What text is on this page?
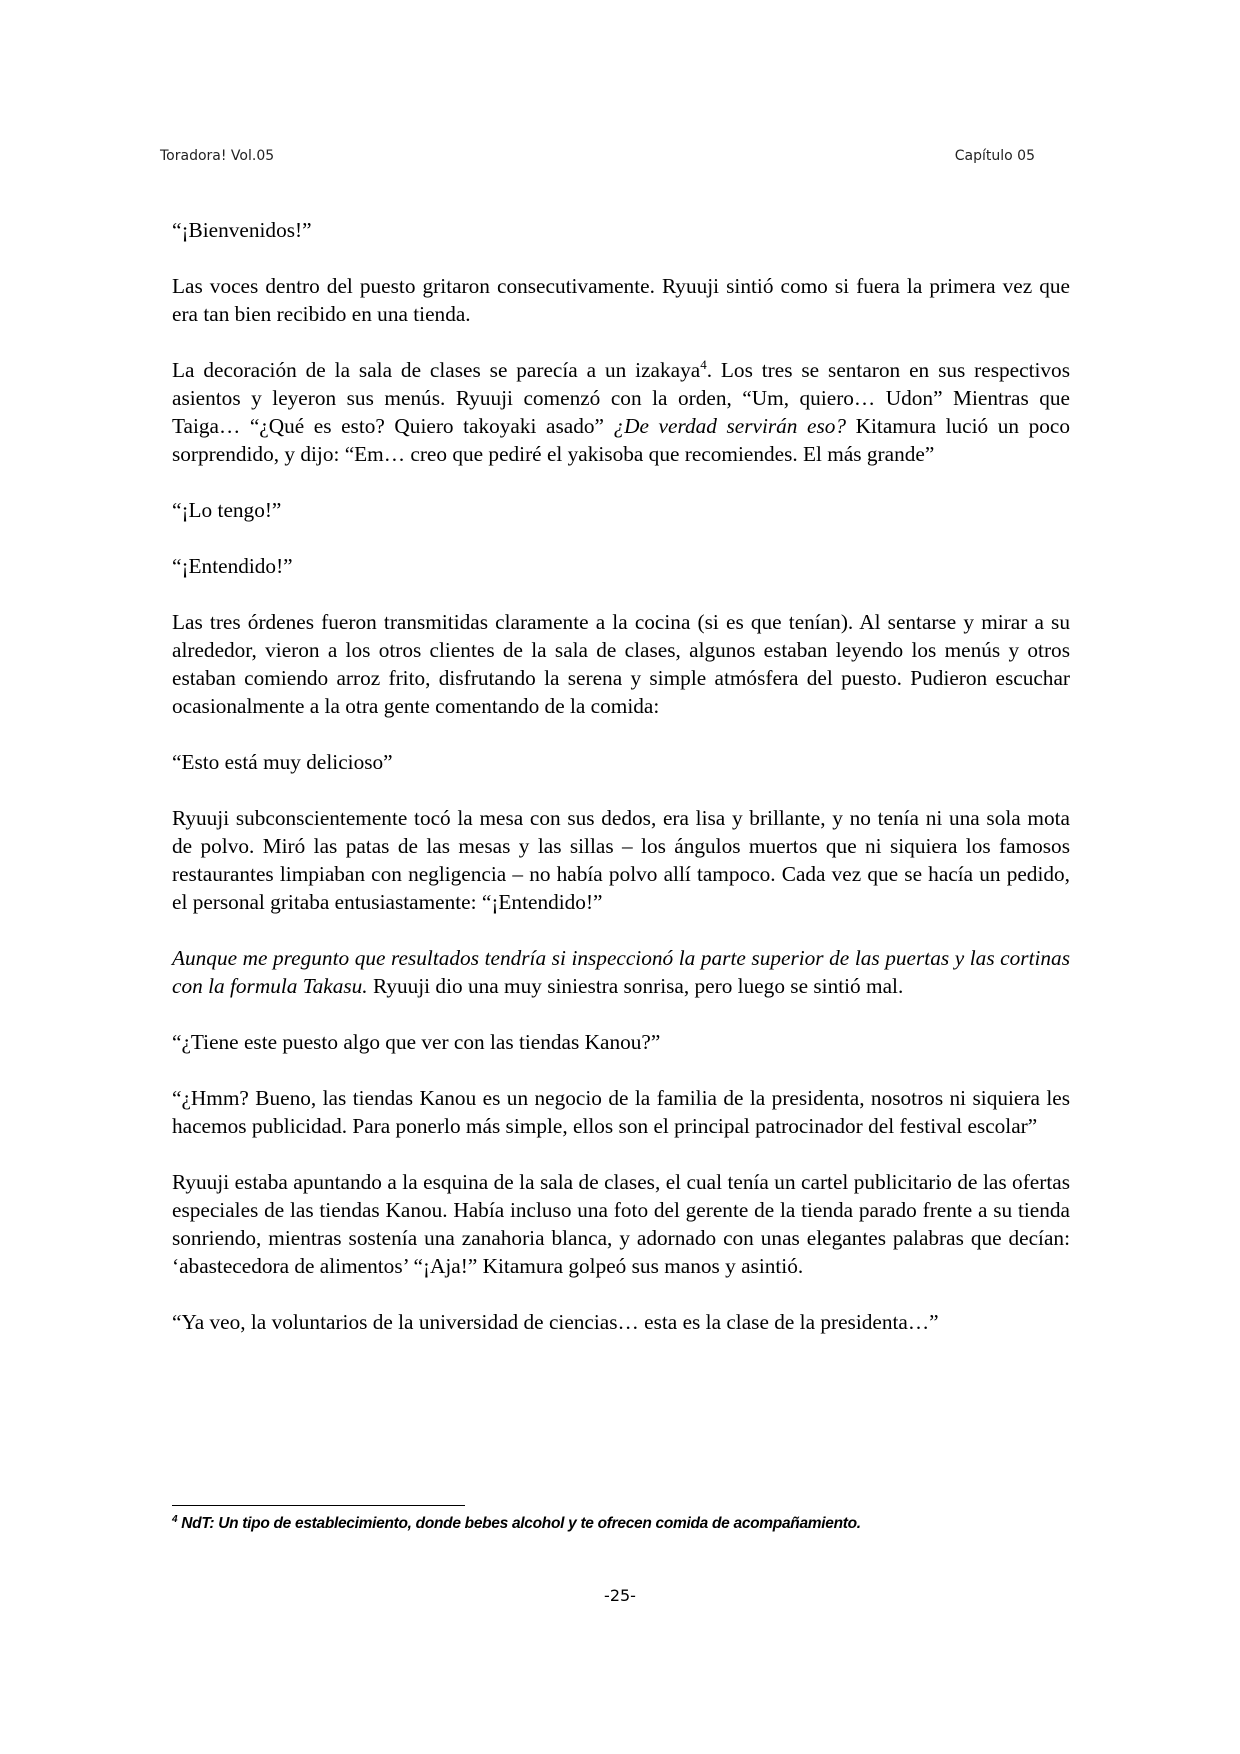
Toradora! Vol.05	Capítulo 05

“¡Bienvenidos!”

Las voces dentro del puesto gritaron consecutivamente. Ryuuji sintió como si fuera la primera vez que era tan bien recibido en una tienda.

La decoración de la sala de clases se parecía a un izakaya$^4$. Los tres se sentaron en sus respectivos asientos y leyeron sus menús. Ryuuji comenzó con la orden, “Um, quiero… Udon” Mientras que Taiga… “¿Qué es esto? Quiero takoyaki asado” ¿De verdad servirán eso? Kitamura lució un poco sorprendido, y dijo: “Em… creo que pediré el yakisoba que recomiendes. El más grande”

“¡Lo tengo!”

“¡Entendido!”

Las tres órdenes fueron transmitidas claramente a la cocina (si es que tenían). Al sentarse y mirar a su alrededor, vieron a los otros clientes de la sala de clases, algunos estaban leyendo los menús y otros estaban comiendo arroz frito, disfrutando la serena y simple atmósfera del puesto. Pudieron escuchar ocasionalmente a la otra gente comentando de la comida:

“Esto está muy delicioso”

Ryuuji subconscientemente tocó la mesa con sus dedos, era lisa y brillante, y no tenía ni una sola mota de polvo. Miró las patas de las mesas y las sillas – los ángulos muertos que ni siquiera los famosos restaurantes limpiaban con negligencia – no había polvo allí tampoco. Cada vez que se hacía un pedido, el personal gritaba entusiastamente: “¡Entendido!”

Aunque me pregunto que resultados tendría si inspeccionó la parte superior de las puertas y las cortinas con la formula Takasu. Ryuuji dio una muy siniestra sonrisa, pero luego se sintió mal.

“¿Tiene este puesto algo que ver con las tiendas Kanou?”

“¿Hmm? Bueno, las tiendas Kanou es un negocio de la familia de la presidenta, nosotros ni siquiera les hacemos publicidad. Para ponerlo más simple, ellos son el principal patrocinador del festival escolar”

Ryuuji estaba apuntando a la esquina de la sala de clases, el cual tenía un cartel publicitario de las ofertas especiales de las tiendas Kanou. Había incluso una foto del gerente de la tienda parado frente a su tienda sonriendo, mientras sostenía una zanahoria blanca, y adornado con unas elegantes palabras que decían: ‘abastecedora de alimentos’ “¡Aja!” Kitamura golpeó sus manos y asintió.

“Ya veo, la voluntarios de la universidad de ciencias… esta es la clase de la presidenta…”

$^4$ NdT: Un tipo de establecimiento, donde bebes alcohol y te ofrecen comida de acompañamiento.
-25-
